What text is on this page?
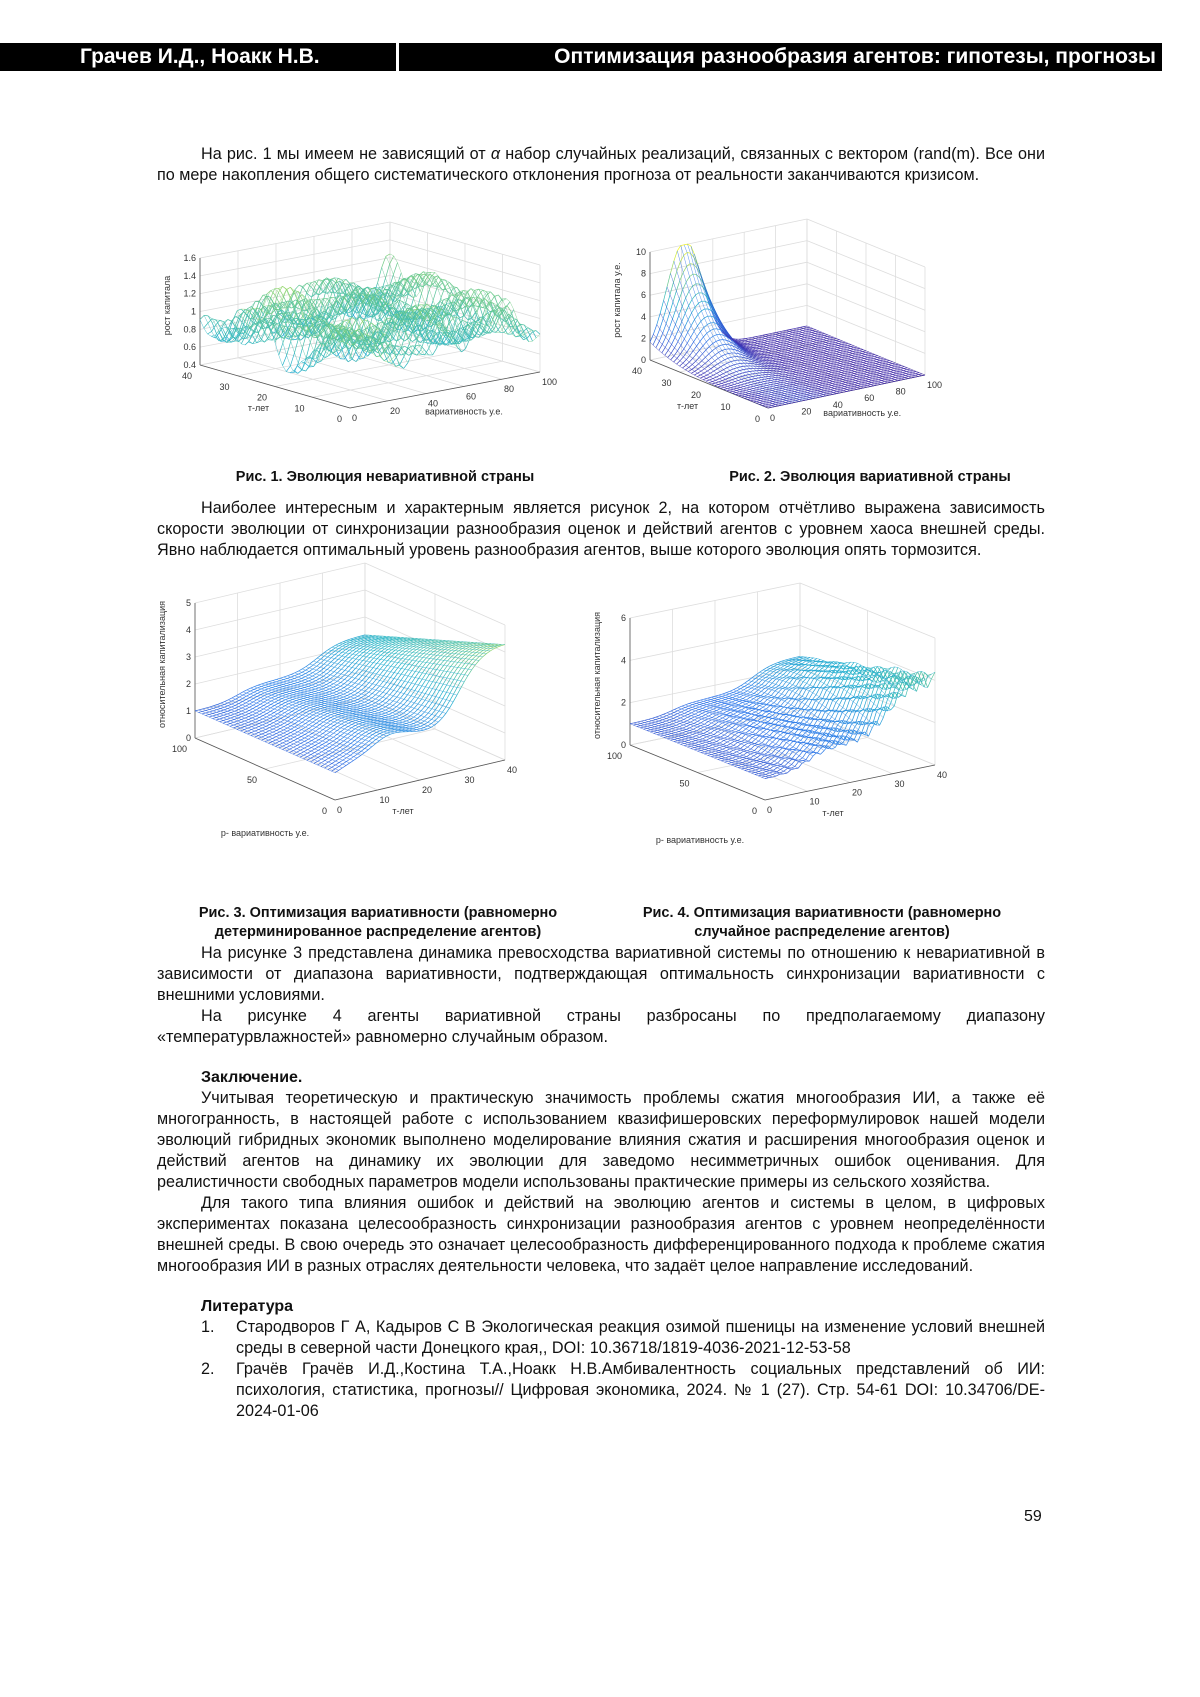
Грачев И.Д., Ноакк Н.В.	Оптимизация разнообразия агентов: гипотезы, прогнозы

На рис. 1 мы имеем не зависящий от α набор случайных реализаций, связанных с вектором (rand(m). Все они по мере накопления общего систематического отклонения прогноза от реальности заканчиваются кризисом.

0.4
0.6
0.8
1
1.2
1.4
1.6
0
20
40
60
80
100
0
10
20
30
40
рост капитала
вариативность у.е.
т-лет
0
2
4
6
8
10
0
20
40
60
80
100
0
10
20
30
40
рост капитала у.е.
вариативность у.е.
т-лет
Рис. 1. Эволюция невариативной страны	Рис. 2. Эволюция вариативной страны

Наиболее интересным и характерным является рисунок 2, на котором отчётливо выражена зависимость скорости эволюции от синхронизации разнообразия оценок и действий агентов с уровнем хаоса внешней среды. Явно наблюдается оптимальный уровень разнообразия агентов, выше которого эволюция опять тормозится.

0
1
2
3
4
5
0
10
20
30
40
0
50
100
относительная капитализация
т-лет
р- вариативность у.е.
0
2
4
6
0
10
20
30
40
0
50
100
относительная капитализация
т-лет
р- вариативность у.е.
Рис. 3. Оптимизация вариативности (равномерно
детерминированное распределение агентов)
Рис. 4. Оптимизация вариативности (равномерно
случайное распределение агентов)

На рисунке 3 представлена динамика превосходства вариативной системы по отношению к невариативной в зависимости от диапазона вариативности, подтверждающая оптимальность синхронизации вариативности с внешними условиями.

На рисунке 4 агенты вариативной страны разбросаны по предполагаемому диапазону «температурвлажностей» равномерно случайным образом.

Заключение.

Учитывая теоретическую и практическую значимость проблемы сжатия многообразия ИИ, а также её многогранность, в настоящей работе с использованием квазифишеровских переформулировок нашей модели эволюций гибридных экономик выполнено моделирование влияния сжатия и расширения многообразия оценок и действий агентов на динамику их эволюции для заведомо несимметричных ошибок оценивания. Для реалистичности свободных параметров модели использованы практические примеры из сельского хозяйства.

Для такого типа влияния ошибок и действий на эволюцию агентов и системы в целом, в цифровых экспериментах показана целесообразность синхронизации разнообразия агентов с уровнем неопределённости внешней среды. В свою очередь это означает целесообразность дифференцированного подхода к проблеме сжатия многообразия ИИ в разных отраслях деятельности человека, что задаёт целое направление исследований.

Литература
1. Стародворов Г А, Кадыров С В Экологическая реакция озимой пшеницы на изменение условий внешней среды в северной части Донецкого края,, DOI: 10.36718/1819-4036-2021-12-53-58
2. Грачёв Грачёв И.Д.,Костина Т.А.,Ноакк Н.В.Амбивалентность социальных представлений об ИИ: психология, статистика, прогнозы// Цифровая экономика, 2024. № 1 (27). Стр. 54-61 DOI: 10.34706/DE-2024-01-06
59
